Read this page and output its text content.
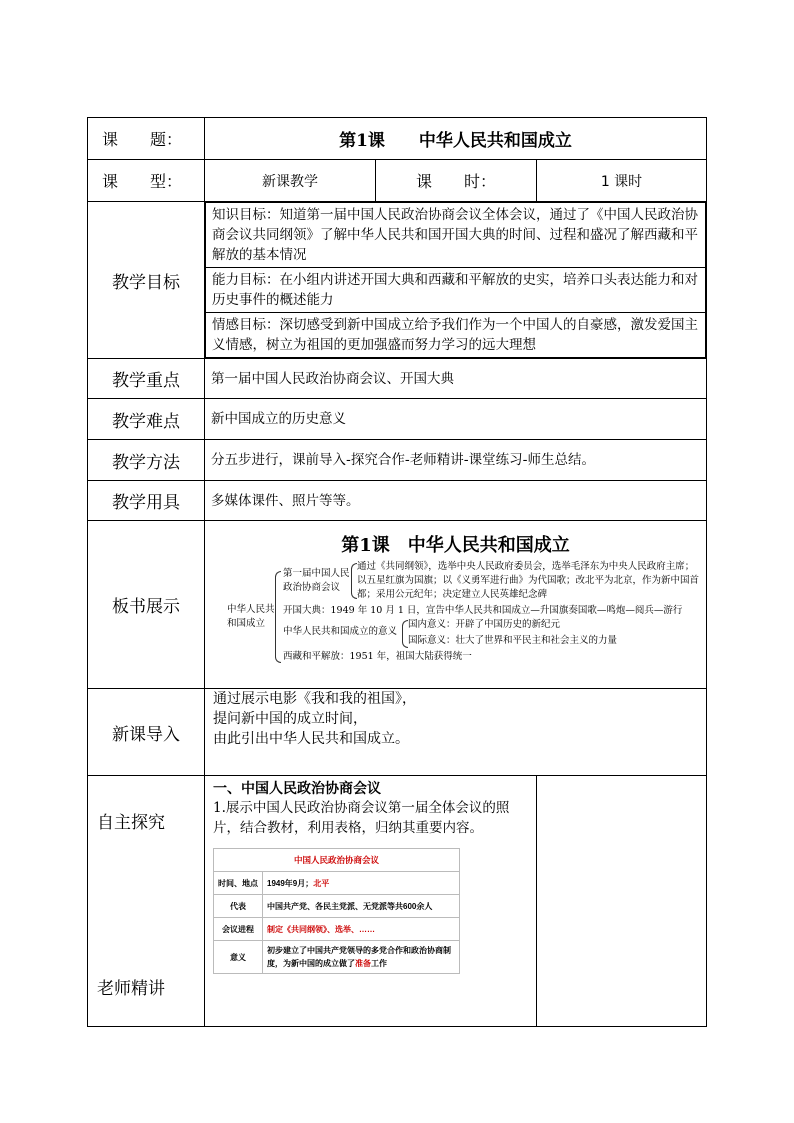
课　　题：	第1课　　中华人民共和国成立
课　　型：	新课教学	课　　时：	1 课时
教学目标	
知识目标：知道第一届中国人民政治协商会议全体会议，通过了《中国人民政治协商会议共同纲领》了解中华人民共和国开国大典的时间、过程和盛况了解西藏和平解放的基本情况
能力目标：在小组内讲述开国大典和西藏和平解放的史实，培养口头表达能力和对历史事件的概述能力
情感目标：深切感受到新中国成立给予我们作为一个中国人的自豪感，激发爱国主义情感，树立为祖国的更加强盛而努力学习的远大理想

教学重点	第一届中国人民政治协商会议、开国大典
教学难点	新中国成立的历史意义
教学方法	分五步进行，课前导入-探究合作-老师精讲-课堂练习-师生总结。
教学用具	多媒体课件、照片等等。
板书展示	
第1课　中华人民共和国成立
中华人民共
和国成立
第一届中国人民
政治协商会议
通过《共同纲领》，选举中央人民政府委员会，选举毛泽东为中央人民政府主席；
以五星红旗为国旗；以《义勇军进行曲》为代国歌；改北平为北京，作为新中国首
都；采用公元纪年；决定建立人民英雄纪念碑
开国大典：1949 年 10 月 1 日，宣告中华人民共和国成立—升国旗奏国歌—鸣炮—阅兵—游行
中华人民共和国成立的意义
国内意义：开辟了中国历史的新纪元
国际意义：壮大了世界和平民主和社会主义的力量
西藏和平解放：1951 年，祖国大陆获得统一

新课导入	
通过展示电影《我和我的祖国》，
提问新中国的成立时间，
由此引出中华人民共和国成立。

自主探究
老师精讲

一、中国人民政治协商会议
1.展示中国人民政治协商会议第一届全体会议的照片，结合教材，利用表格，归纳其重要内容。
中国人民政治协商会议
时间、地点	1949年9月；北平
代表	中国共产党、各民主党派、无党派等共600余人
会议进程	制定《共同纲领》、选举、……
意义	初步建立了中国共产党领导的多党合作和政治协商制度，为新中国的成立做了准备工作
